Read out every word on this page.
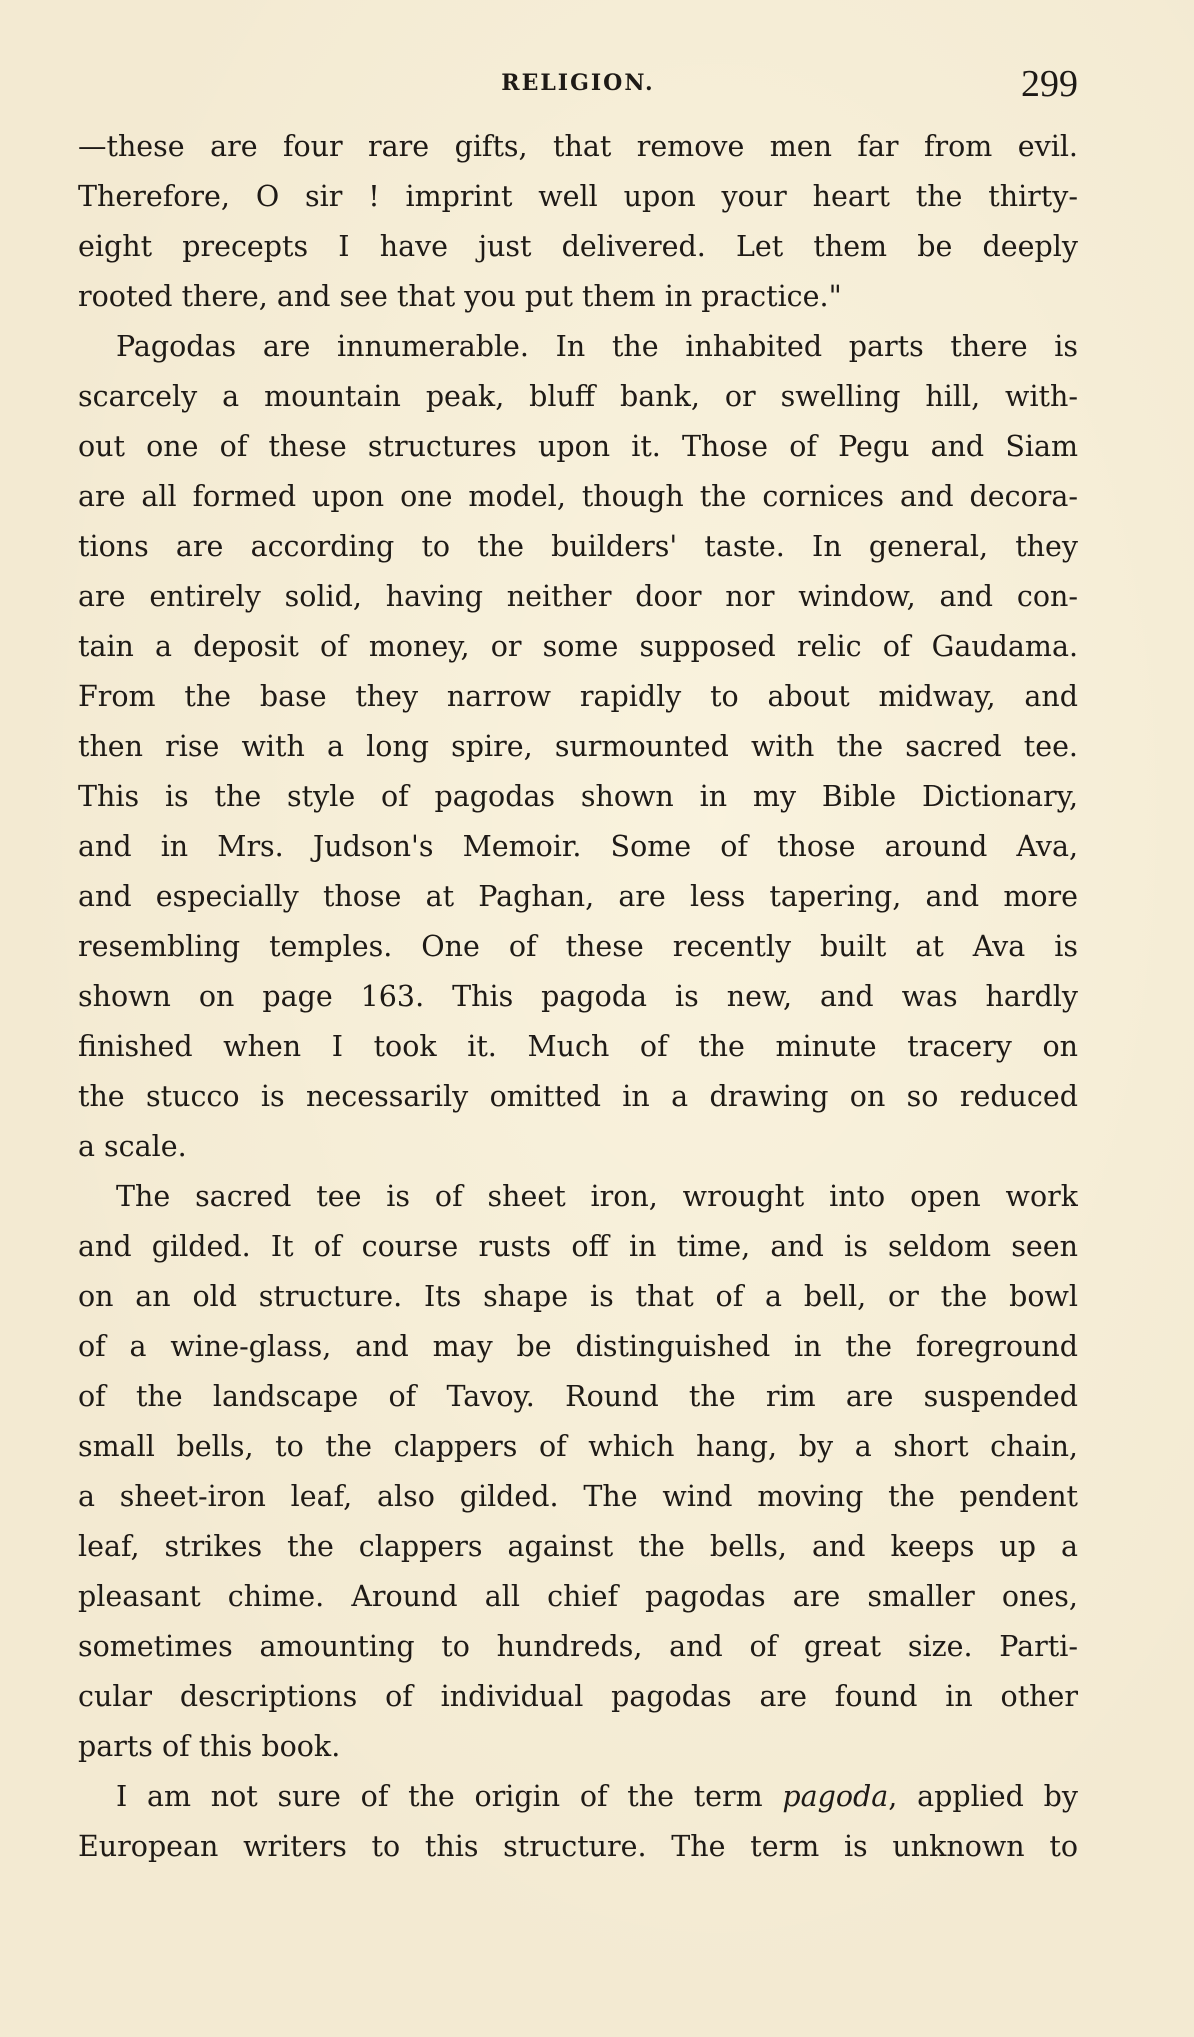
RELIGION.	299
—these are four rare gifts, that remove men far from evil.
Therefore, O sir ! imprint well upon your heart the thirty-
eight precepts I have just delivered. Let them be deeply
rooted there, and see that you put them in practice."
Pagodas are innumerable. In the inhabited parts there is
scarcely a mountain peak, bluff bank, or swelling hill, with-
out one of these structures upon it. Those of Pegu and Siam
are all formed upon one model, though the cornices and decora-
tions are according to the builders' taste. In general, they
are entirely solid, having neither door nor window, and con-
tain a deposit of money, or some supposed relic of Gaudama.
From the base they narrow rapidly to about midway, and
then rise with a long spire, surmounted with the sacred tee.
This is the style of pagodas shown in my Bible Dictionary,
and in Mrs. Judson's Memoir. Some of those around Ava,
and especially those at Paghan, are less tapering, and more
resembling temples. One of these recently built at Ava is
shown on page 163. This pagoda is new, and was hardly
finished when I took it. Much of the minute tracery on
the stucco is necessarily omitted in a drawing on so reduced
a scale.
The sacred tee is of sheet iron, wrought into open work
and gilded. It of course rusts off in time, and is seldom seen
on an old structure. Its shape is that of a bell, or the bowl
of a wine-glass, and may be distinguished in the foreground
of the landscape of Tavoy. Round the rim are suspended
small bells, to the clappers of which hang, by a short chain,
a sheet-iron leaf, also gilded. The wind moving the pendent
leaf, strikes the clappers against the bells, and keeps up a
pleasant chime. Around all chief pagodas are smaller ones,
sometimes amounting to hundreds, and of great size. Parti-
cular descriptions of individual pagodas are found in other
parts of this book.
I am not sure of the origin of the term pagoda, applied by
European writers to this structure. The term is unknown to
